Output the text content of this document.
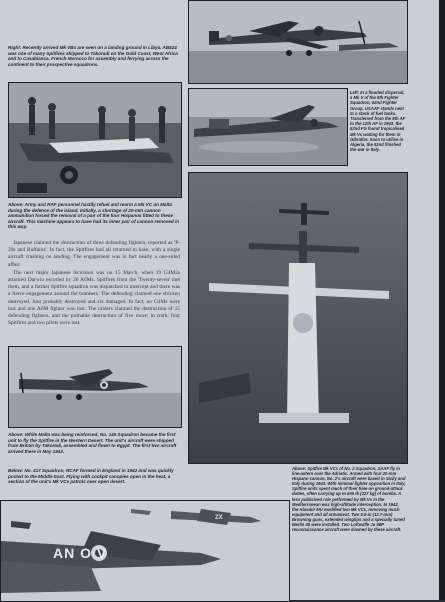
Right: Recently arrived Mk VBs are seen on a landing ground in Libya. AB824 was one of many Spitfires shipped to Takoradi on the Gold Coast, West Africa and to Casablanca, French Morocco for assembly and ferrying across the continent to their prospective squadrons.
Above: Army and RAF personnel hastily refuel and rearm a Mk VC on Malta during the defence of the island. Initially, a shortage of 20-mm cannon ammunition forced the removal of a pair of the four Hispanos fitted to these aircraft. This machine appears to have had its inner pair of cannon removed in this way.
Left: In a flooded dispersal, a Mk V of the 5th Fighter Squadron, 52nd Fighter Group, USAAF stands next to a stack of fuel tanks. Transferred from the 8th AF to the 12th AF in 1943, the 52nd FG found tropicalised Mk Vs waiting for them in Gibraltar. Soon to utilise in Algeria, the 52nd finished the war in Italy.

Japanese claimed the destruction of three defending fighters, reported as 'P-39s and Buffalos'. In fact, the Spitfires had all returned to base, with a single aircraft crashing on landing. The engagement was in fact nearly a one-sided affair.

The next major Japanese incursion was on 15 March, when 19 G4M2s attacked Darwin escorted by 26 A6Ms. Spitfires from the 'Twenty-seven' met them, and a further Spitfire squadron was dispatched to intercept and there was a fierce engagement around the bombers. The defending claimed one stricken destroyed, four probably destroyed and six damaged. In fact, no G4Ms were lost and one A6M fighter was lost. The raiders claimed the destruction of 15 defending fighters, and the probable destruction of five more; in truth, four Spitfires and two pilots were lost.

Above: While Malta was being reinforced, No. 145 Squadron became the first unit to fly the Spitfire in the Western Desert. The unit's aircraft were shipped from Britain by Takoradi, assembled and flown to Egypt. The first two aircraft arrived there in May 1942.
Below: No. 417 Squadron, RCAF formed in England in 1942 and was quickly posted to the Middle East. Flying with cockpit canopies open in the heat, a section of the unit's Mk VCs patrols over open desert.
Above: Spitfire Mk VCs of No. 2 Squadron, SAAF fly in line-astern over the Adriatic. Armed with four 20-mm Hispano cannon, No. 2's aircraft were based in Sicily and Italy during 1943. With minimal fighter opposition in Italy, Spitfire units spent much of their time on ground-attack duties, often carrying up to 500 lb (227 kg) of bombs. A less publicised role performed by Mk Vs in the Mediterranean was high-altitude interception. In 1942, the Aboukir MU modified two Mk VCs, removing much equipment and all armament. Two 0.5-in (12.7-mm) Browning guns, extended wingtips and a specially tuned Merlin 46 were installed. Two Luftwaffe Ju 86P reconnaissance aircraft were downed by these aircraft.
AN O V
ZX
